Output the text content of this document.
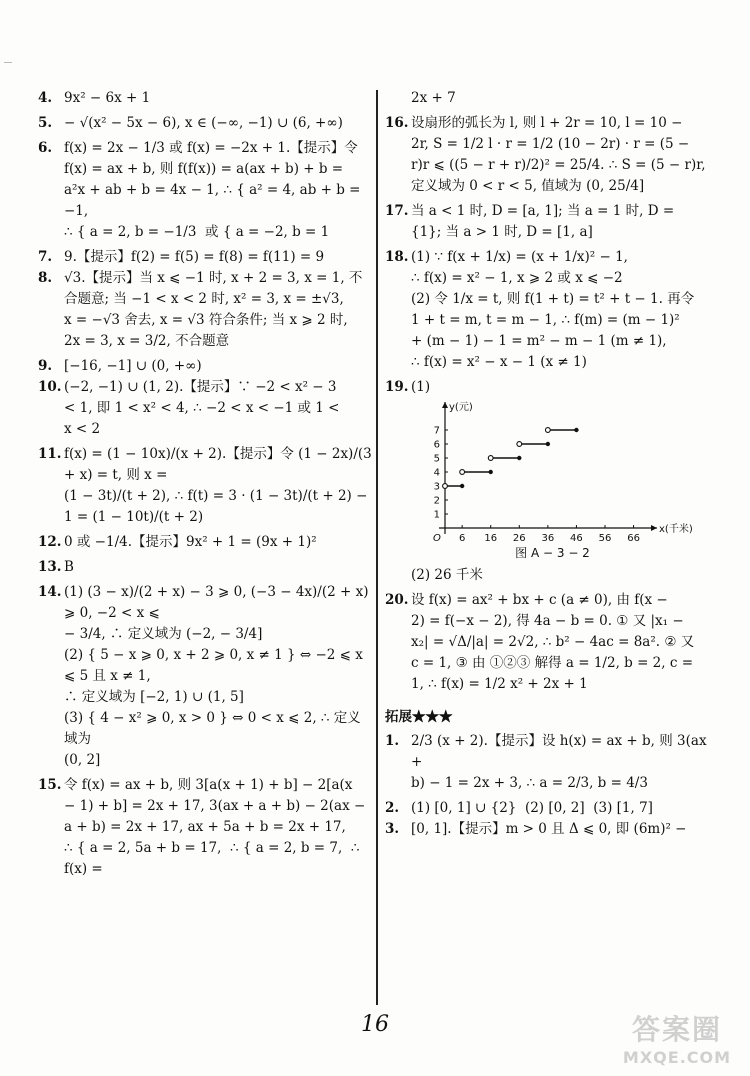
4. 9x² − 6x + 1
5. − √(x² − 5x − 6), x ∈ (−∞, −1) ∪ (6, +∞)
6. f(x) = 2x − 1/3 或 f(x) = −2x + 1.【提示】令
f(x) = ax + b, 则 f(f(x)) = a(ax + b) + b =
a²x + ab + b = 4x − 1, ∴ { a² = 4, ab + b = −1,
∴ { a = 2, b = −1/3  或 { a = −2, b = 1
7. 9.【提示】f(2) = f(5) = f(8) = f(11) = 9
8. √3.【提示】当 x ⩽ −1 时, x + 2 = 3, x = 1, 不
合题意; 当 −1 < x < 2 时, x² = 3, x = ±√3,
x = −√3 舍去, x = √3 符合条件; 当 x ⩾ 2 时,
2x = 3, x = 3/2, 不合题意
9. [−16, −1] ∪ (0, +∞)
10. (−2, −1) ∪ (1, 2).【提示】∵ −2 < x² − 3
< 1, 即 1 < x² < 4, ∴ −2 < x < −1 或 1 <
x < 2
11. f(x) = (1 − 10x)/(x + 2).【提示】令 (1 − 2x)/(3 + x) = t, 则 x =
(1 − 3t)/(t + 2), ∴ f(t) = 3 · (1 − 3t)/(t + 2) − 1 = (1 − 10t)/(t + 2)
12. 0 或 −1/4.【提示】9x² + 1 = (9x + 1)²
13. B
14. (1) (3 − x)/(2 + x) − 3 ⩾ 0, (−3 − 4x)/(2 + x) ⩾ 0, −2 < x ⩽
− 3/4, ∴ 定义域为 (−2, − 3/4]
(2) { 5 − x ⩾ 0, x + 2 ⩾ 0, x ≠ 1 } ⇔ −2 ⩽ x ⩽ 5 且 x ≠ 1,
∴ 定义域为 [−2, 1) ∪ (1, 5]
(3) { 4 − x² ⩾ 0, x > 0 } ⇔ 0 < x ⩽ 2, ∴ 定义域为
(0, 2]
15. 令 f(x) = ax + b, 则 3[a(x + 1) + b] − 2[a(x
− 1) + b] = 2x + 17, 3(ax + a + b) − 2(ax −
a + b) = 2x + 17, ax + 5a + b = 2x + 17,
∴ { a = 2, 5a + b = 17,  ∴ { a = 2, b = 7,  ∴ f(x) =
2x + 7
16. 设扇形的弧长为 l, 则 l + 2r = 10, l = 10 −
2r, S = 1/2 l · r = 1/2 (10 − 2r) · r = (5 −
r)r ⩽ ((5 − r + r)/2)² = 25/4. ∴ S = (5 − r)r,
定义域为 0 < r < 5, 值域为 (0, 25/4]
17. 当 a < 1 时, D = [a, 1]; 当 a = 1 时, D =
{1}; 当 a > 1 时, D = [1, a]
18. (1) ∵ f(x + 1/x) = (x + 1/x)² − 1,
∴ f(x) = x² − 1, x ⩾ 2 或 x ⩽ −2
(2) 令 1/x = t, 则 f(1 + t) = t² + t − 1. 再令
1 + t = m, t = m − 1, ∴ f(m) = (m − 1)²
+ (m − 1) − 1 = m² − m − 1 (m ≠ 1),
∴ f(x) = x² − x − 1 (x ≠ 1)
19. (1)
y(元)
x(千米)
O 6 16 26 36 46 56 66
1
2
3
4
5
6
7
图 A − 3 − 2
(2) 26 千米
20. 设 f(x) = ax² + bx + c (a ≠ 0), 由 f(x −
2) = f(−x − 2), 得 4a − b = 0. ① 又 |x₁ −
x₂| = √Δ/|a| = 2√2, ∴ b² − 4ac = 8a². ② 又
c = 1, ③ 由 ①②③ 解得 a = 1/2, b = 2, c =
1, ∴ f(x) = 1/2 x² + 2x + 1
拓展★★★
1. 2/3 (x + 2).【提示】设 h(x) = ax + b, 则 3(ax +
b) − 1 = 2x + 3, ∴ a = 2/3, b = 4/3
2. (1) [0, 1] ∪ {2}  (2) [0, 2]  (3) [1, 7]
3. [0, 1].【提示】m > 0 且 Δ ⩽ 0, 即 (6m)² −
16	答案圈
MXQE.COM
